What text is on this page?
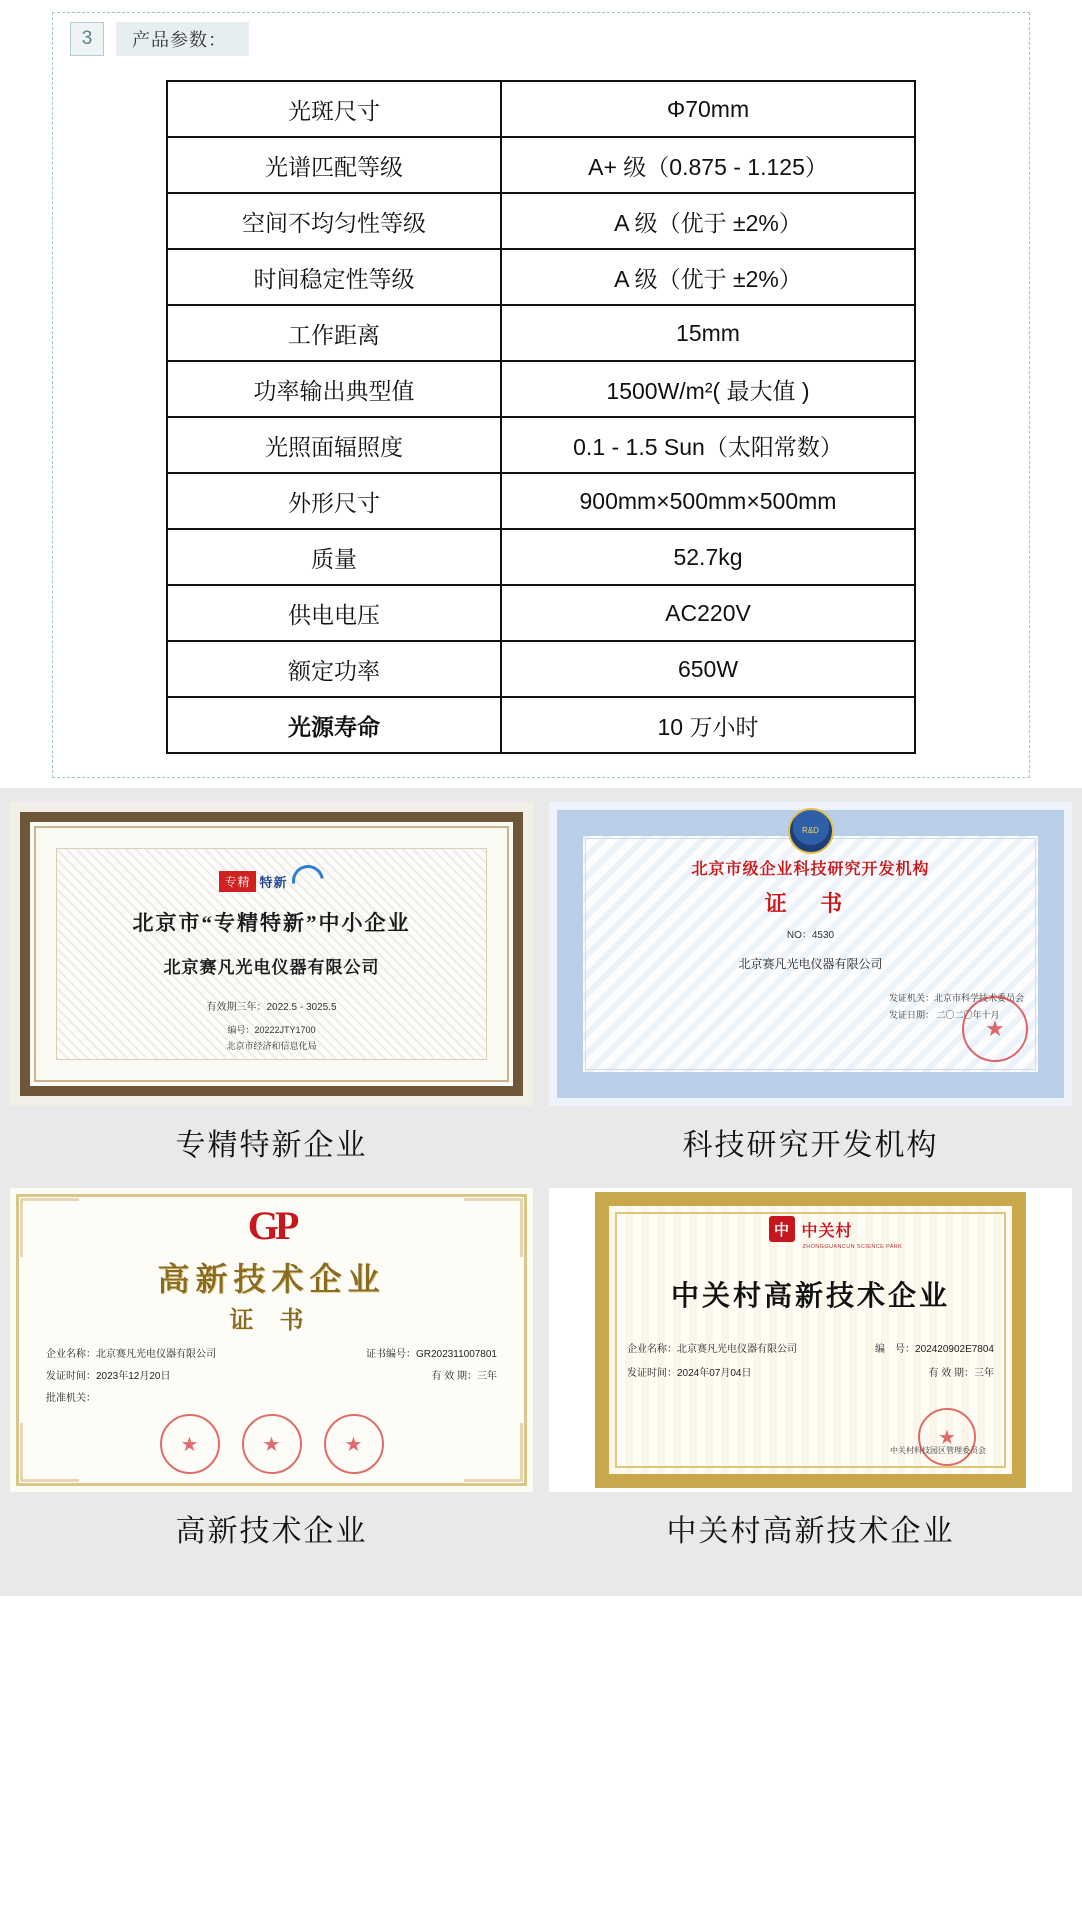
3	产品参数：
光斑尺寸	Φ70mm
光谱匹配等级	A+ 级（0.875 - 1.125）
空间不均匀性等级	A 级（优于 ±2%）
时间稳定性等级	A 级（优于 ±2%）
工作距离	15mm
功率输出典型值	1500W/m²( 最大值 )
光照面辐照度	0.1 - 1.5 Sun（太阳常数）
外形尺寸	900mm×500mm×500mm
质量	52.7kg
供电电压	AC220V
额定功率	650W
光源寿命	10 万小时
专精 特新
北京市“专精特新”中小企业
北京赛凡光电仪器有限公司
有效期三年：2022.5 - 3025.5
编号：20222JTY1700
北京市经济和信息化局
专精特新企业
R&D
北京市级企业科技研究开发机构
证 书
NO：4530
北京赛凡光电仪器有限公司
发证机关：北京市科学技术委员会
发证日期： 二〇二〇年十月
★
科技研究开发机构
GP
高新技术企业
证 书
企业名称：北京赛凡光电仪器有限公司	证书编号：GR202311007801
发证时间：2023年12月20日	有 效 期：三年
批准机关：
★	★	★
高新技术企业
中 中关村
ZHONGGUANCUN SCIENCE PARK
中关村高新技术企业
企业名称：北京赛凡光电仪器有限公司	编　号：202420902E7804
发证时间：2024年07月04日	有 效 期：三年
中关村科技园区管理委员会
★
中关村高新技术企业
